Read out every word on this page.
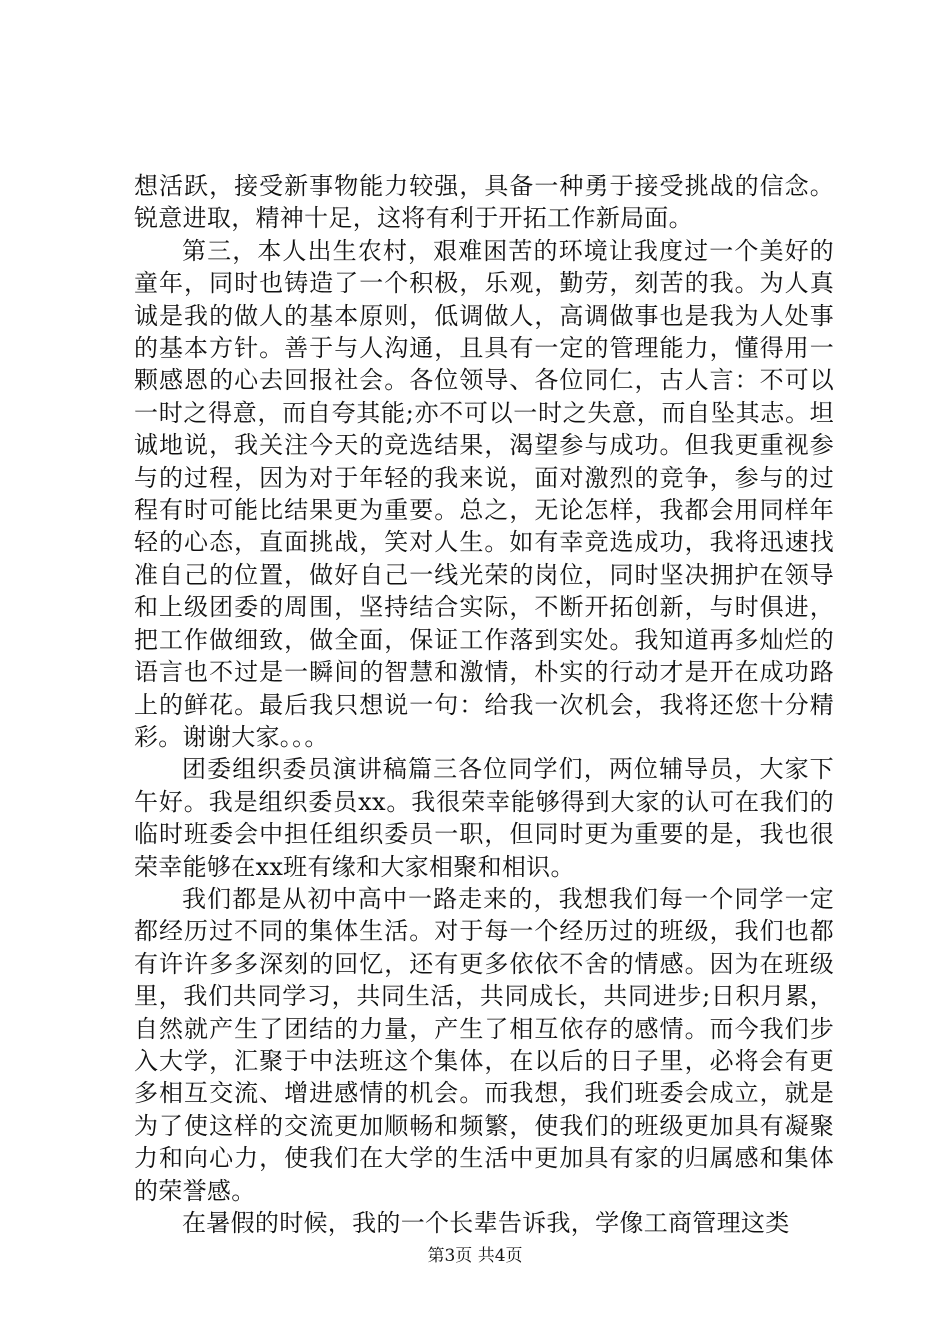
想活跃，接受新事物能力较强，具备一种勇于接受挑战的信念。锐意进取，精神十足，这将有利于开拓工作新局面。

第三，本人出生农村，艰难困苦的环境让我度过一个美好的童年，同时也铸造了一个积极，乐观，勤劳，刻苦的我。为人真诚是我的做人的基本原则，低调做人，高调做事也是我为人处事的基本方针。善于与人沟通，且具有一定的管理能力，懂得用一颗感恩的心去回报社会。各位领导、各位同仁，古人言：不可以一时之得意，而自夸其能;亦不可以一时之失意，而自坠其志。坦诚地说，我关注今天的竞选结果，渴望参与成功。但我更重视参与的过程，因为对于年轻的我来说，面对激烈的竞争，参与的过程有时可能比结果更为重要。总之，无论怎样，我都会用同样年轻的心态，直面挑战，笑对人生。如有幸竞选成功，我将迅速找准自己的位置，做好自己一线光荣的岗位，同时坚决拥护在领导和上级团委的周围，坚持结合实际，不断开拓创新，与时俱进，把工作做细致，做全面，保证工作落到实处。我知道再多灿烂的语言也不过是一瞬间的智慧和激情，朴实的行动才是开在成功路上的鲜花。最后我只想说一句：给我一次机会，我将还您十分精彩。谢谢大家。。。

团委组织委员演讲稿篇三各位同学们，两位辅导员，大家下午好。我是组织委员xx。我很荣幸能够得到大家的认可在我们的临时班委会中担任组织委员一职，但同时更为重要的是，我也很荣幸能够在xx班有缘和大家相聚和相识。

我们都是从初中高中一路走来的，我想我们每一个同学一定都经历过不同的集体生活。对于每一个经历过的班级，我们也都有许许多多深刻的回忆，还有更多依依不舍的情感。因为在班级里，我们共同学习，共同生活，共同成长，共同进步;日积月累，自然就产生了团结的力量，产生了相互依存的感情。而今我们步入大学，汇聚于中法班这个集体，在以后的日子里，必将会有更多相互交流、增进感情的机会。而我想，我们班委会成立，就是为了使这样的交流更加顺畅和频繁，使我们的班级更加具有凝聚力和向心力，使我们在大学的生活中更加具有家的归属感和集体的荣誉感。

在暑假的时候，我的一个长辈告诉我，学像工商管理这类

第3页 共4页
